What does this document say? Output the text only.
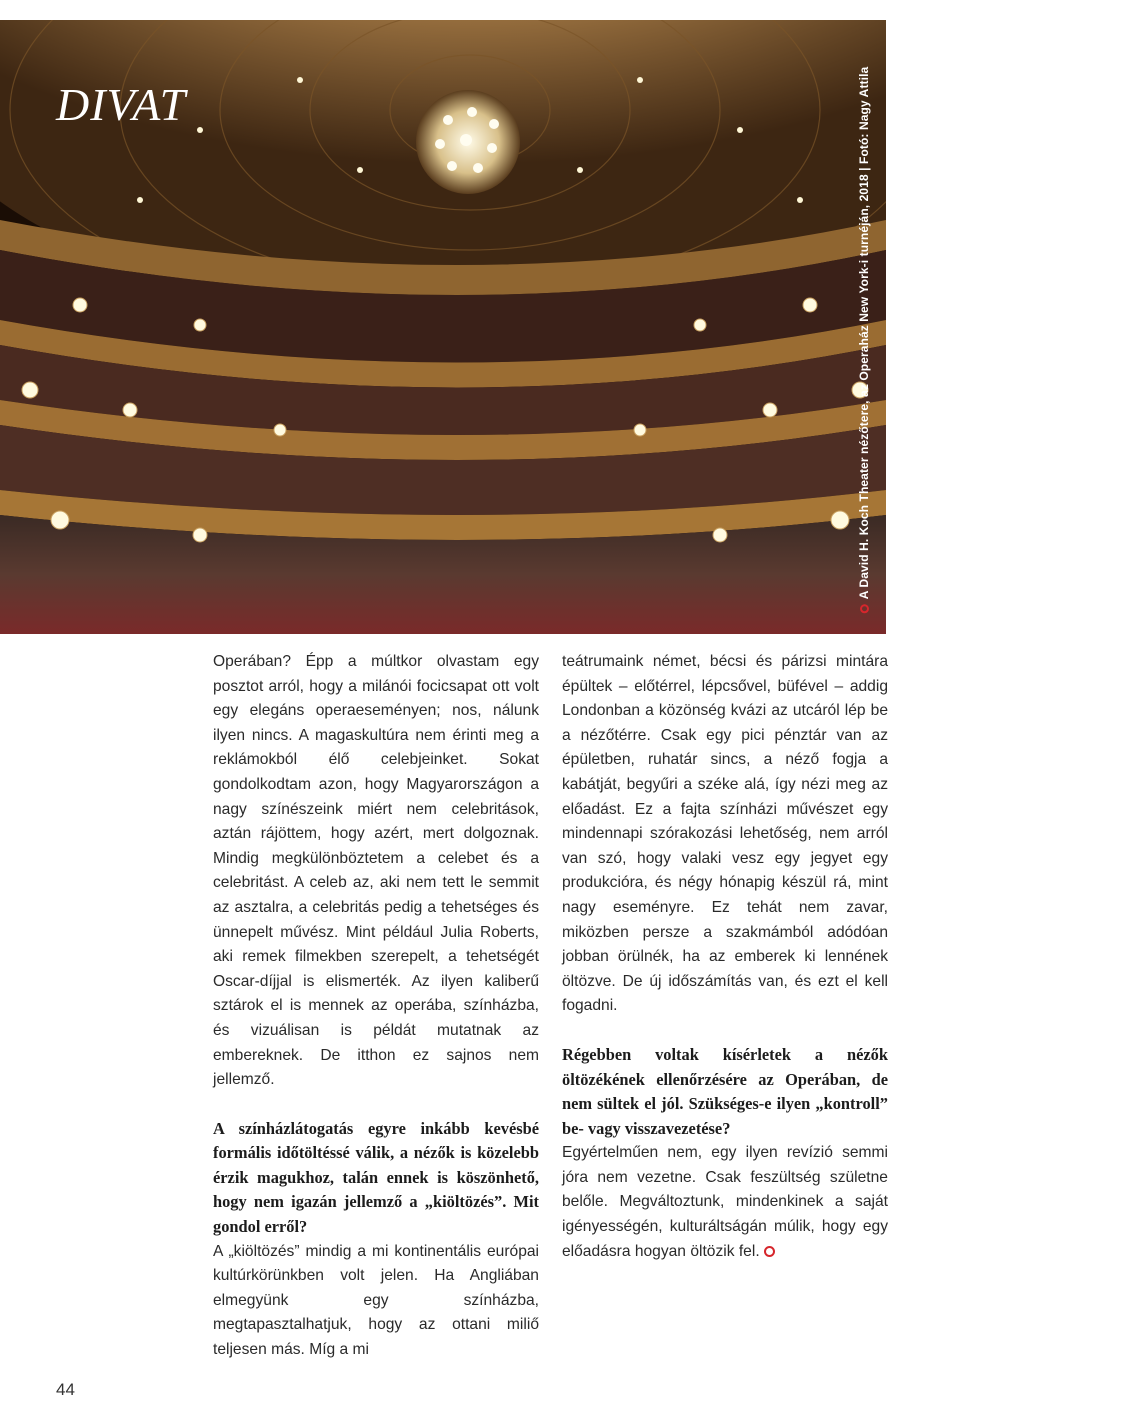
DIVAT	A David H. Koch Theater nézőtere, az Operaház New York-i turnéján, 2018 | Fotó: Nagy Attila

Operában? Épp a múltkor olvastam egy posztot arról, hogy a milánói focicsapat ott volt egy elegáns operaeseményen; nos, nálunk ilyen nincs. A magaskultúra nem érinti meg a reklámokból élő celebjeinket. Sokat gondolkodtam azon, hogy Magyarországon a nagy színészeink miért nem celebritások, aztán rájöttem, hogy azért, mert dolgoznak. Mindig megkülönböztetem a celebet és a celebritást. A celeb az, aki nem tett le semmit az asztalra, a celebritás pedig a tehetséges és ünnepelt művész. Mint például Julia Roberts, aki remek filmekben szerepelt, a tehetségét Oscar-díjjal is elismerték. Az ilyen kaliberű sztárok el is mennek az operába, színházba, és vizuálisan is példát mutatnak az embereknek. De itthon ez sajnos nem jellemző.

A színházlátogatás egyre inkább kevésbé formális időtöltéssé válik, a nézők is közelebb érzik magukhoz, talán ennek is köszönhető, hogy nem igazán jellemző a „kiöltözés”. Mit gondol erről?

A „kiöltözés” mindig a mi kontinentális európai kultúrkörünkben volt jelen. Ha Angliában elmegyünk egy színházba, megtapasztalhatjuk, hogy az ottani miliő teljesen más. Míg a mi

teátrumaink német, bécsi és párizsi mintára épültek – előtérrel, lépcsővel, büfével – addig Londonban a közönség kvázi az utcáról lép be a nézőtérre. Csak egy pici pénztár van az épületben, ruhatár sincs, a néző fogja a kabátját, begyűri a széke alá, így nézi meg az előadást. Ez a fajta színházi művészet egy mindennapi szórakozási lehetőség, nem arról van szó, hogy valaki vesz egy jegyet egy produkcióra, és négy hónapig készül rá, mint nagy eseményre. Ez tehát nem zavar, miközben persze a szakmámból adódóan jobban örülnék, ha az emberek ki lennének öltözve. De új időszámítás van, és ezt el kell fogadni.

Régebben voltak kísérletek a nézők öltözékének ellenőrzésére az Operában, de nem sültek el jól. Szükséges-e ilyen „kontroll” be- vagy visszavezetése?

Egyértelműen nem, egy ilyen revízió semmi jóra nem vezetne. Csak feszültség születne belőle. Megváltoztunk, mindenkinek a saját igényességén, kulturáltságán múlik, hogy egy előadásra hogyan öltözik fel.

44
